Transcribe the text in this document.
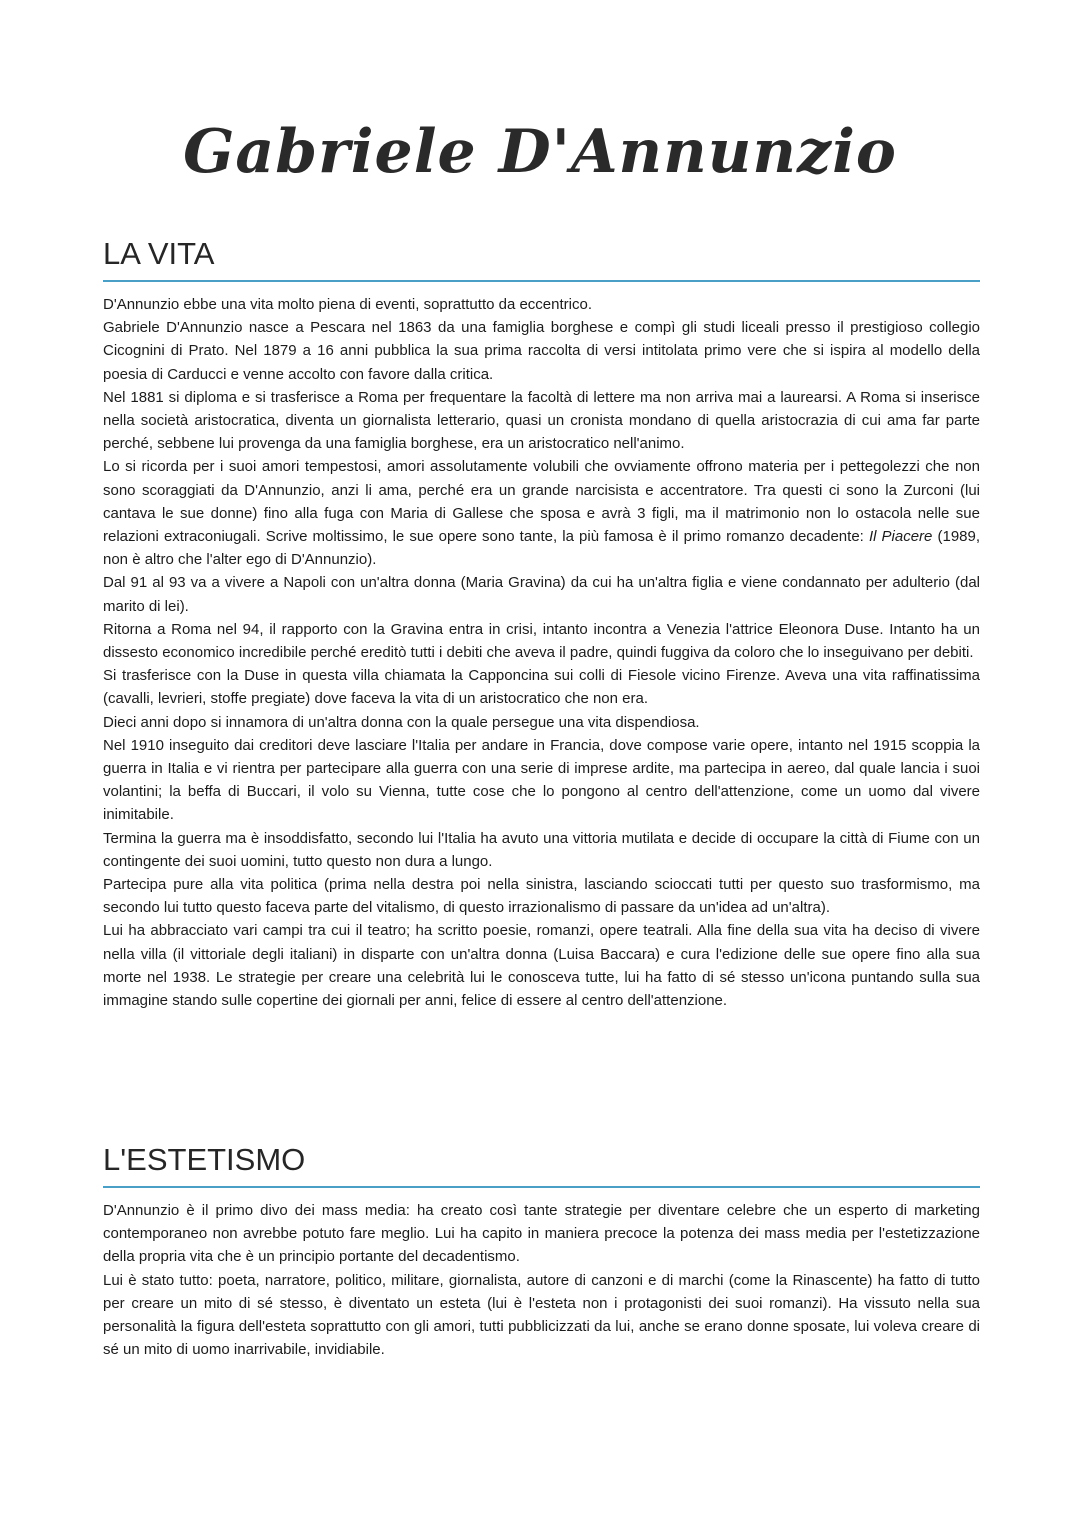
Gabriele D'Annunzio
LA VITA

D'Annunzio ebbe una vita molto piena di eventi, soprattutto da eccentrico.

Gabriele D'Annunzio nasce a Pescara nel 1863 da una famiglia borghese e compì gli studi liceali presso il prestigioso collegio Cicognini di Prato. Nel 1879 a 16 anni pubblica la sua prima raccolta di versi intitolata primo vere che si ispira al modello della poesia di Carducci e venne accolto con favore dalla critica.

Nel 1881 si diploma e si trasferisce a Roma per frequentare la facoltà di lettere ma non arriva mai a laurearsi. A Roma si inserisce nella società aristocratica, diventa un giornalista letterario, quasi un cronista mondano di quella aristocrazia di cui ama far parte perché, sebbene lui provenga da una famiglia borghese, era un aristocratico nell'animo.

Lo si ricorda per i suoi amori tempestosi, amori assolutamente volubili che ovviamente offrono materia per i pettegolezzi che non sono scoraggiati da D'Annunzio, anzi li ama, perché era un grande narcisista e accentratore. Tra questi ci sono la Zurconi (lui cantava le sue donne) fino alla fuga con Maria di Gallese che sposa e avrà 3 figli, ma il matrimonio non lo ostacola nelle sue relazioni extraconiugali. Scrive moltissimo, le sue opere sono tante, la più famosa è il primo romanzo decadente: Il Piacere (1989, non è altro che l'alter ego di D'Annunzio).

Dal 91 al 93 va a vivere a Napoli con un'altra donna (Maria Gravina) da cui ha un'altra figlia e viene condannato per adulterio (dal marito di lei).

Ritorna a Roma nel 94, il rapporto con la Gravina entra in crisi, intanto incontra a Venezia l'attrice Eleonora Duse. Intanto ha un dissesto economico incredibile perché ereditò tutti i debiti che aveva il padre, quindi fuggiva da coloro che lo inseguivano per debiti.

Si trasferisce con la Duse in questa villa chiamata la Capponcina sui colli di Fiesole vicino Firenze. Aveva una vita raffinatissima (cavalli, levrieri, stoffe pregiate) dove faceva la vita di un aristocratico che non era.

Dieci anni dopo si innamora di un'altra donna con la quale persegue una vita dispendiosa.

Nel 1910 inseguito dai creditori deve lasciare l'Italia per andare in Francia, dove compose varie opere, intanto nel 1915 scoppia la guerra in Italia e vi rientra per partecipare alla guerra con una serie di imprese ardite, ma partecipa in aereo, dal quale lancia i suoi volantini; la beffa di Buccari, il volo su Vienna, tutte cose che lo pongono al centro dell'attenzione, come un uomo dal vivere inimitabile.

Termina la guerra ma è insoddisfatto, secondo lui l'Italia ha avuto una vittoria mutilata e decide di occupare la città di Fiume con un contingente dei suoi uomini, tutto questo non dura a lungo.

Partecipa pure alla vita politica (prima nella destra poi nella sinistra, lasciando scioccati tutti per questo suo trasformismo, ma secondo lui tutto questo faceva parte del vitalismo, di questo irrazionalismo di passare da un'idea ad un'altra).

Lui ha abbracciato vari campi tra cui il teatro; ha scritto poesie, romanzi, opere teatrali. Alla fine della sua vita ha deciso di vivere nella villa (il vittoriale degli italiani) in disparte con un'altra donna (Luisa Baccara) e cura l'edizione delle sue opere fino alla sua morte nel 1938. Le strategie per creare una celebrità lui le conosceva tutte, lui ha fatto di sé stesso un'icona puntando sulla sua immagine stando sulle copertine dei giornali per anni, felice di essere al centro dell'attenzione.

L'ESTETISMO

D'Annunzio è il primo divo dei mass media: ha creato così tante strategie per diventare celebre che un esperto di marketing contemporaneo non avrebbe potuto fare meglio. Lui ha capito in maniera precoce la potenza dei mass media per l'estetizzazione della propria vita che è un principio portante del decadentismo.

Lui è stato tutto: poeta, narratore, politico, militare, giornalista, autore di canzoni e di marchi (come la Rinascente) ha fatto di tutto per creare un mito di sé stesso, è diventato un esteta (lui è l'esteta non i protagonisti dei suoi romanzi). Ha vissuto nella sua personalità la figura dell'esteta soprattutto con gli amori, tutti pubblicizzati da lui, anche se erano donne sposate, lui voleva creare di sé un mito di uomo inarrivabile, invidiabile.
